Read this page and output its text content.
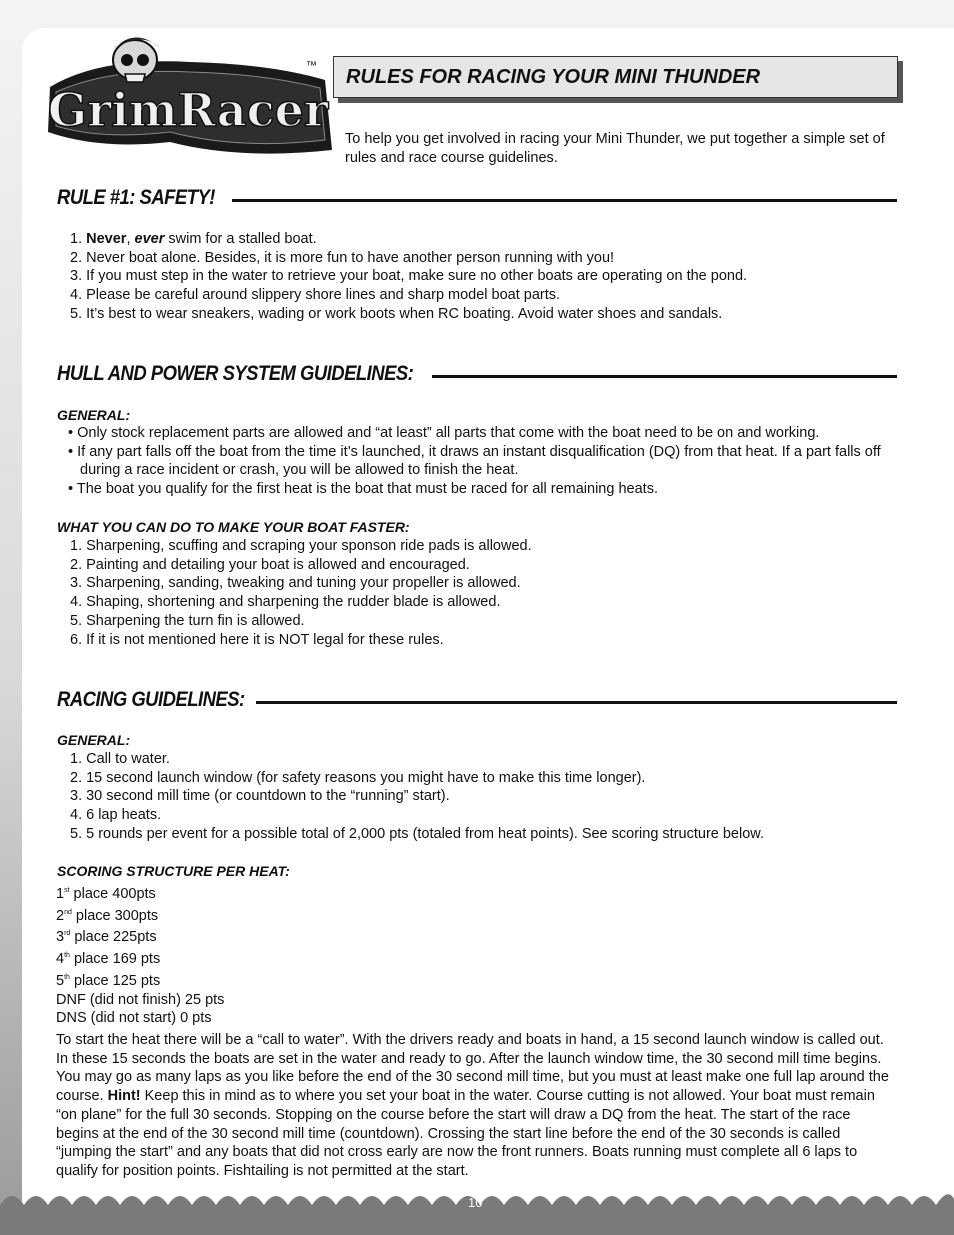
GrimRacer
™ RULES FOR RACING YOUR MINI THUNDER
To help you get involved in racing your Mini Thunder, we put together a simple set of rules and race course guidelines.
RULE #1: SAFETY!
1. Never, ever swim for a stalled boat.
2. Never boat alone. Besides, it is more fun to have another person running with you!
3. If you must step in the water to retrieve your boat, make sure no other boats are operating on the pond.
4. Please be careful around slippery shore lines and sharp model boat parts.
5. It’s best to wear sneakers, wading or work boots when RC boating. Avoid water shoes and sandals.
HULL AND POWER SYSTEM GUIDELINES:
GENERAL:
• Only stock replacement parts are allowed and “at least” all parts that come with the boat need to be on and working.
• If any part falls off the boat from the time it’s launched, it draws an instant disqualification (DQ) from that heat. If a part falls off during a race incident or crash, you will be allowed to finish the heat.
• The boat you qualify for the first heat is the boat that must be raced for all remaining heats.
WHAT YOU CAN DO TO MAKE YOUR BOAT FASTER:
1. Sharpening, scuffing and scraping your sponson ride pads is allowed.
2. Painting and detailing your boat is allowed and encouraged.
3. Sharpening, sanding, tweaking and tuning your propeller is allowed.
4. Shaping, shortening and sharpening the rudder blade is allowed.
5. Sharpening the turn fin is allowed.
6. If it is not mentioned here it is NOT legal for these rules.
RACING GUIDELINES:
GENERAL:
1. Call to water.
2. 15 second launch window (for safety reasons you might have to make this time longer).
3. 30 second mill time (or countdown to the “running” start).
4. 6 lap heats.
5. 5 rounds per event for a possible total of 2,000 pts (totaled from heat points). See scoring structure below.
SCORING STRUCTURE PER HEAT:
1st place 400pts
2nd place 300pts
3rd place 225pts
4th place 169 pts
5th place 125 pts
DNF (did not finish) 25 pts
DNS (did not start) 0 pts

To start the heat there will be a “call to water”. With the drivers ready and boats in hand, a 15 second launch window is called out. In these 15 seconds the boats are set in the water and ready to go. After the launch window time, the 30 second mill time begins. You may go as many laps as you like before the end of the 30 second mill time, but you must at least make one full lap around the course. Hint! Keep this in mind as to where you set your boat in the water. Course cutting is not allowed. Your boat must remain “on plane” for the full 30 seconds. Stopping on the course before the start will draw a DQ from the heat. The start of the race begins at the end of the 30 second mill time (countdown). Crossing the start line before the end of the 30 seconds is called “jumping the start” and any boats that did not cross early are now the front runners. Boats running must complete all 6 laps to qualify for position points. Fishtailing is not permitted at the start.

10
